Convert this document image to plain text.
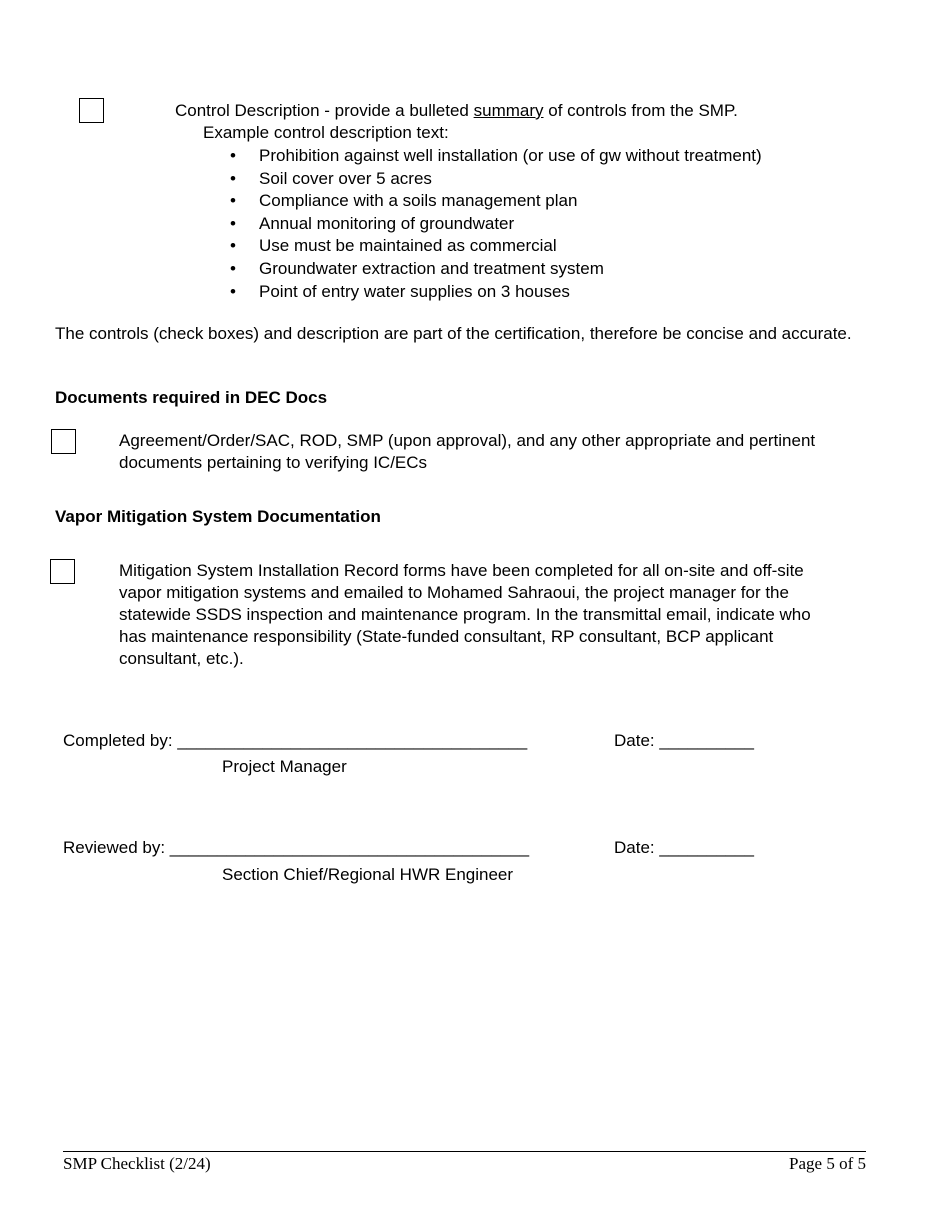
Control Description - provide a bulleted summary of controls from the SMP.
Example control description text:
• Prohibition against well installation (or use of gw without treatment)
• Soil cover over 5 acres
• Compliance with a soils management plan
• Annual monitoring of groundwater
• Use must be maintained as commercial
• Groundwater extraction and treatment system
• Point of entry water supplies on 3 houses
The controls (check boxes) and description are part of the certification, therefore be concise and accurate.
Documents required in DEC Docs
Agreement/Order/SAC, ROD, SMP (upon approval), and any other appropriate and pertinent documents pertaining to verifying IC/ECs
Vapor Mitigation System Documentation
Mitigation System Installation Record forms have been completed for all on-site and off-site vapor mitigation systems and emailed to Mohamed Sahraoui, the project manager for the statewide SSDS inspection and maintenance program. In the transmittal email, indicate who has maintenance responsibility (State-funded consultant, RP consultant, BCP applicant consultant, etc.).
Completed by: _____________________________________	Date: __________
Project Manager
Reviewed by: ______________________________________	Date: __________
Section Chief/Regional HWR Engineer
SMP Checklist (2/24)	Page 5 of 5
